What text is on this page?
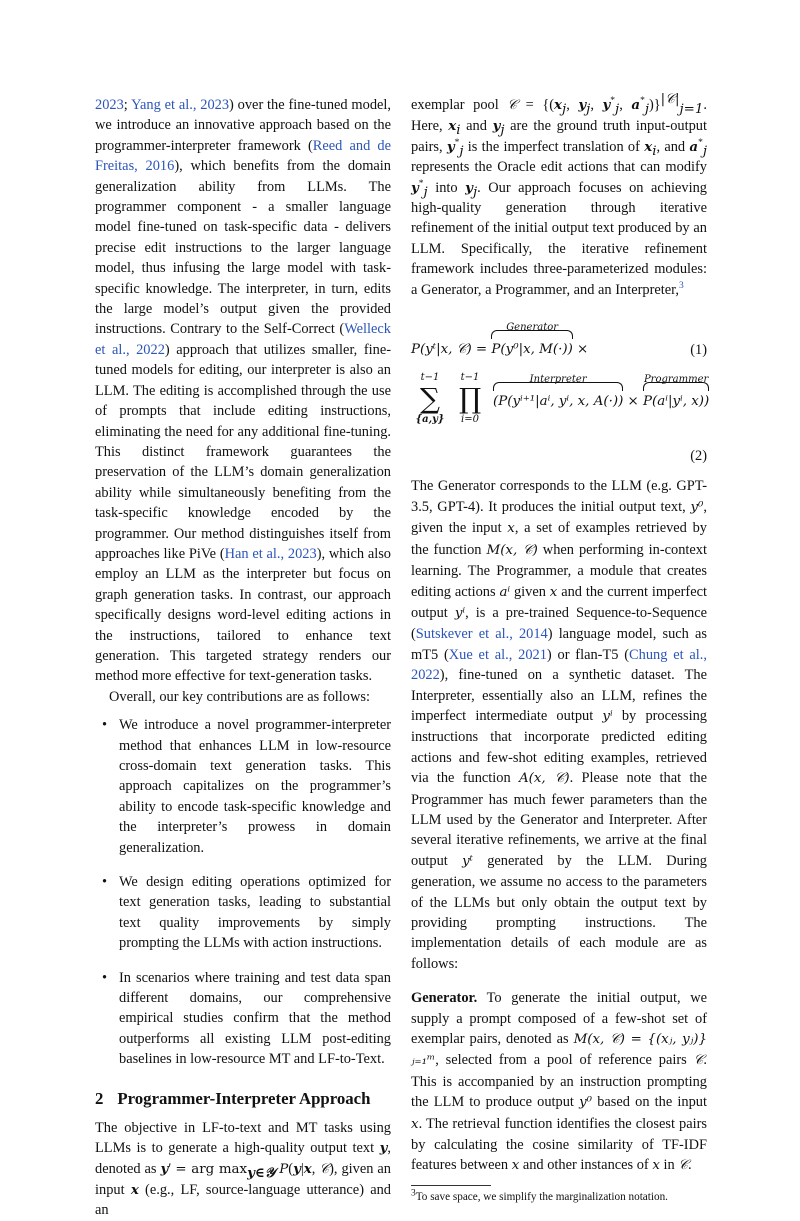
2023; Yang et al., 2023) over the fine-tuned model, we introduce an innovative approach based on the programmer-interpreter framework (Reed and de Freitas, 2016), which benefits from the domain generalization ability from LLMs. The programmer component - a smaller language model fine-tuned on task-specific data - delivers precise edit instructions to the larger language model, thus infusing the large model with task-specific knowledge. The interpreter, in turn, edits the large model’s output given the provided instructions. Contrary to the Self-Correct (Welleck et al., 2022) approach that utilizes smaller, fine-tuned models for editing, our interpreter is also an LLM. The editing is accomplished through the use of prompts that include editing instructions, eliminating the need for any additional fine-tuning. This distinct framework guarantees the preservation of the LLM’s domain generalization ability while simultaneously benefiting from the task-specific knowledge encoded by the programmer. Our method distinguishes itself from approaches like PiVe (Han et al., 2023), which also employ an LLM as the interpreter but focus on graph generation tasks. In contrast, our approach specifically designs word-level editing actions in the instructions, tailored to enhance text generation. This targeted strategy renders our method more effective for text-generation tasks.

Overall, our key contributions are as follows:

• We introduce a novel programmer-interpreter method that enhances LLM in low-resource cross-domain text generation tasks. This approach capitalizes on the programmer’s ability to encode task-specific knowledge and the interpreter’s prowess in domain generalization.
• We design editing operations optimized for text generation tasks, leading to substantial text quality improvements by simply prompting the LLMs with action instructions.
• In scenarios where training and test data span different domains, our comprehensive empirical studies confirm that the method outperforms all existing LLM post-editing baselines in low-resource MT and LF-to-Text.
2 Programmer-Interpreter Approach

The objective in LF-to-text and MT tasks using LLMs is to generate a high-quality output text y, denoted as y′ = arg $\max_{y\in 𝒴} P(y|x$, 𝒞), given an input x (e.g., LF, source-language utterance) and an

exemplar pool 𝒞 = {($x_j$, $y_j$, $y^*_j$, $a^*_j)\}^{|𝒞|}_{j=1}$. Here, $x_i$ and $y_j$ are the ground truth input-output pairs, $y^*_j$ is the imperfect translation of $x_i$, and $a^*_j$ represents the Oracle edit actions that can modify $y^*_j$ into $y_j$. Our approach focuses on achieving high-quality generation through iterative refinement of the initial output text produced by an LLM. Specifically, the iterative refinement framework includes three-parameterized modules: a Generator, a Programmer, and an Interpreter,$^3$

P(yᵗ|x, 𝒞) =
Generator
P(y⁰|x, M(·)) ×	(1)
t−1
∑
{a,y}
t−1
∏
i=0
Interpreter
(P(yⁱ⁺¹|aⁱ, yⁱ, x, A(·)) ×
Programmer
P(aⁱ|yⁱ, x))
(2)

The Generator corresponds to the LLM (e.g. GPT-3.5, GPT-4). It produces the initial output text, y⁰, given the input x, a set of examples retrieved by the function M(x, 𝒞) when performing in-context learning. The Programmer, a module that creates editing actions aⁱ given x and the current imperfect output yⁱ, is a pre-trained Sequence-to-Sequence (Sutskever et al., 2014) language model, such as mT5 (Xue et al., 2021) or flan-T5 (Chung et al., 2022), fine-tuned on a synthetic dataset. The Interpreter, essentially also an LLM, refines the imperfect intermediate output yⁱ by processing instructions that incorporate predicted editing actions and few-shot editing examples, retrieved via the function A(x, 𝒞). Please note that the Programmer has much fewer parameters than the LLM used by the Generator and Interpreter. After several iterative refinements, we arrive at the final output yᵗ generated by the LLM. During generation, we assume no access to the parameters of the LLMs but only obtain the output text by providing prompting instructions. The implementation details of each module are as follows:

Generator. To generate the initial output, we supply a prompt composed of a few-shot set of exemplar pairs, denoted as M(x, 𝒞) = {(xⱼ, yⱼ)}ⱼ₌₁ᵐ, selected from a pool of reference pairs 𝒞. This is accompanied by an instruction prompting the LLM to produce output y⁰ based on the input x. The retrieval function identifies the closest pairs by calculating the cosine similarity of TF-IDF features between x and other instances of x in 𝒞.

$^3$To save space, we simplify the marginalization notation.
